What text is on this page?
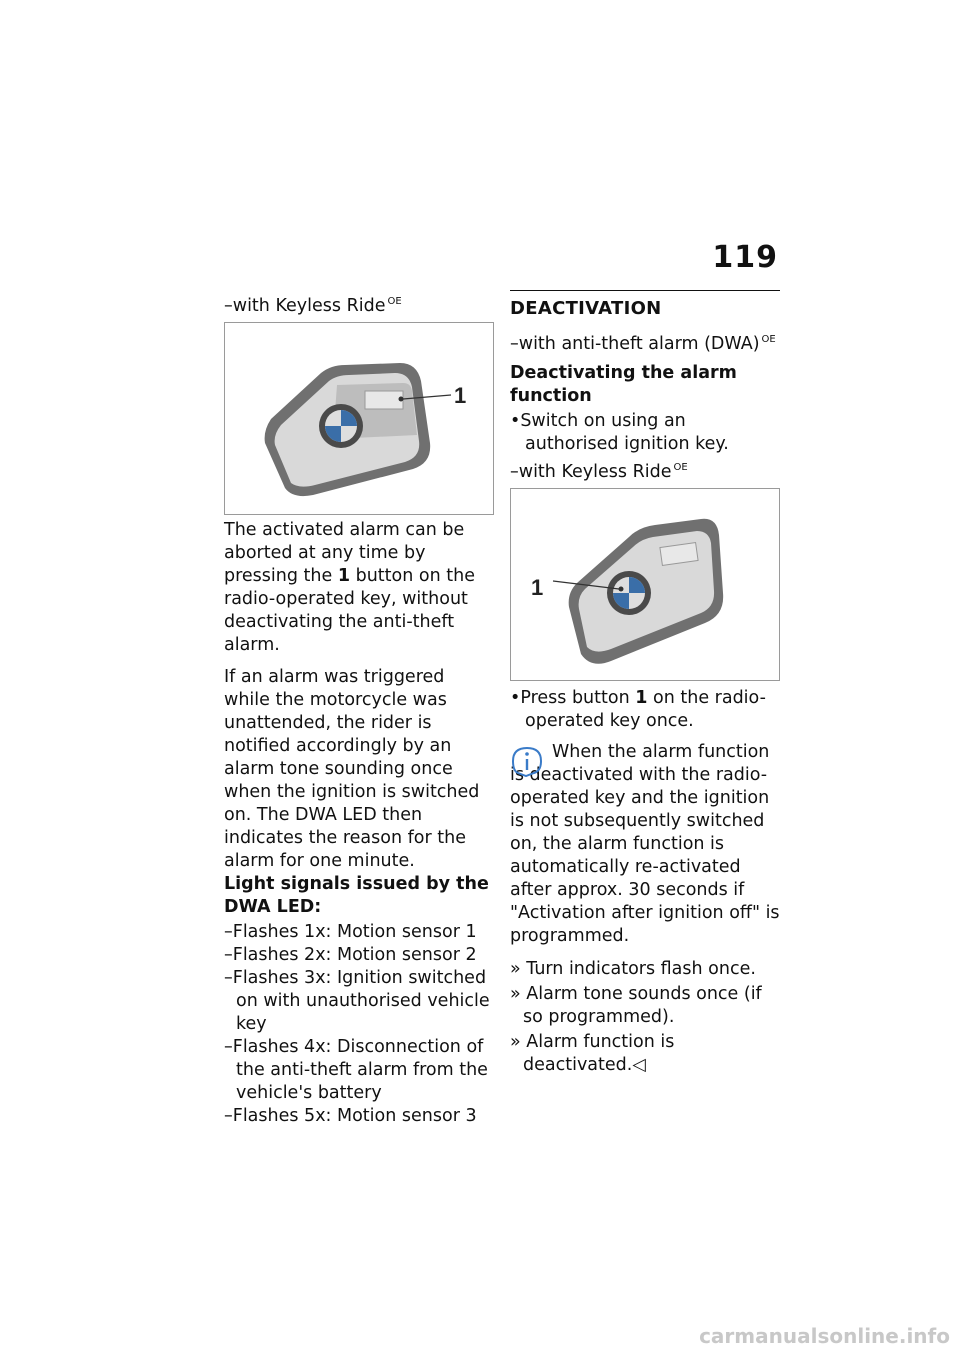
119

–with Keyless Ride $^{OE}$

1

The activated alarm can be aborted at any time by pressing the 1 button on the radio-operated key, without deactivating the anti-theft alarm.

If an alarm was triggered while the motorcycle was unattended, the rider is notified accordingly by an alarm tone sounding once when the ignition is switched on. The DWA LED then indicates the reason for the alarm for one minute.

Light signals issued by the DWA LED:

–Flashes 1x: Motion sensor 1

–Flashes 2x: Motion sensor 2

–Flashes 3x: Ignition switched on with unauthorised vehicle key

–Flashes 4x: Disconnection of the anti-theft alarm from the vehicle's battery

–Flashes 5x: Motion sensor 3

DEACTIVATION

–with anti-theft alarm (DWA) $^{OE}$

Deactivating the alarm function

•Switch on using an authorised ignition key.

–with Keyless Ride $^{OE}$

1
•Press button 1 on the radio-operated key once.

When the alarm function is deactivated with the radio-operated key and the ignition is not subsequently switched on, the alarm function is automatically re-activated after approx. 30 seconds if "Activation after ignition off" is programmed.

» Turn indicators flash once.
» Alarm tone sounds once (if so programmed).
» Alarm function is deactivated.◁
carmanualsonline.info
